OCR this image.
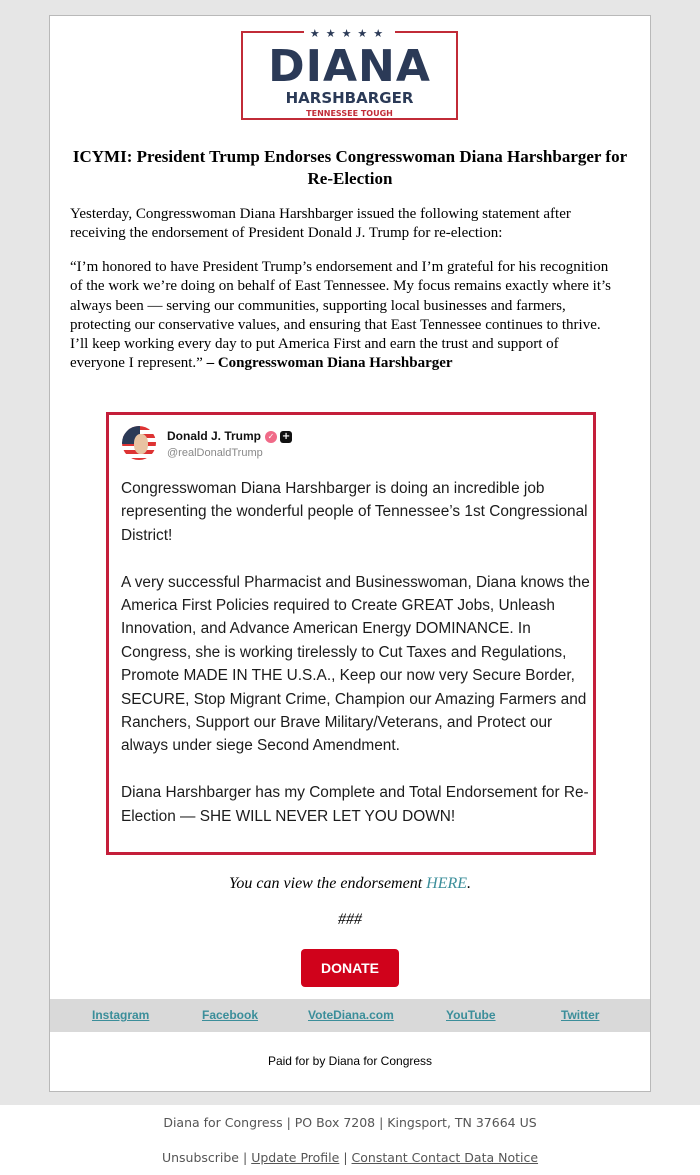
★★★★★
DIANA
HARSHBARGER
TENNESSEE TOUGH
ICYMI: President Trump Endorses Congresswoman Diana Harshbarger for Re-Election
Yesterday, Congresswoman Diana Harshbarger issued the following statement after receiving the endorsement of President Donald J. Trump for re-election:
“I’m honored to have President Trump’s endorsement and I’m grateful for his recognition of the work we’re doing on behalf of East Tennessee. My focus remains exactly where it’s always been — serving our communities, supporting local businesses and farmers, protecting our conservative values, and ensuring that East Tennessee continues to thrive. I’ll keep working every day to put America First and earn the trust and support of everyone I represent.” – Congresswoman Diana Harshbarger
Donald J. Trump ✓ +
@realDonaldTrump

Congresswoman Diana Harshbarger is doing an incredible job representing the wonderful people of Tennessee’s 1st Congressional District!

A very successful Pharmacist and Businesswoman, Diana knows the America First Policies required to Create GREAT Jobs, Unleash Innovation, and Advance American Energy DOMINANCE. In Congress, she is working tirelessly to Cut Taxes and Regulations, Promote MADE IN THE U.S.A., Keep our now very Secure Border, SECURE, Stop Migrant Crime, Champion our Amazing Farmers and Ranchers, Support our Brave Military/Veterans, and Protect our always under siege Second Amendment.

Diana Harshbarger has my Complete and Total Endorsement for Re-Election — SHE WILL NEVER LET YOU DOWN!

You can view the endorsement HERE.
###
DONATE
Instagram	Facebook	VoteDiana.com	YouTube	Twitter
Paid for by Diana for Congress
Diana for Congress | PO Box 7208 | Kingsport, TN 37664 US
Unsubscribe | Update Profile | Constant Contact Data Notice
